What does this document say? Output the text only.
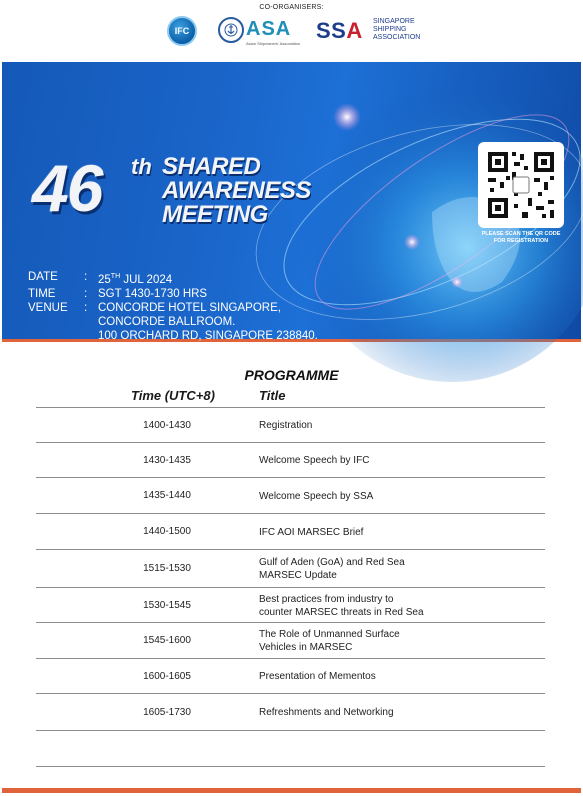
CO-ORGANISERS:
IFC	ASA
Asian Shipowners' Association
SSA SINGAPORE
SHIPPING
ASSOCIATION
46 th SHARED
AWARENESS
MEETING
DATE	: 25TH JUL 2024
TIME	: SGT 1430-1730 HRS
VENUE	: CONCORDE HOTEL SINGAPORE,
CONCORDE BALLROOM.
100 ORCHARD RD, SINGAPORE 238840.
(HYBRID EVENT)
PLEASE SCAN THE QR CODE
FOR REGISTRATION
PROGRAMME
Time (UTC+8)	Title
1400-1430	Registration
1430-1435	Welcome Speech by IFC
1435-1440	Welcome Speech by SSA
1440-1500	IFC AOI MARSEC Brief
1515-1530
Gulf of Aden (GoA) and Red Sea
MARSEC Update
1530-1545
Best practices from industry to
counter MARSEC threats in Red Sea
1545-1600
The Role of Unmanned Surface
Vehicles in MARSEC
1600-1605	Presentation of Mementos
1605-1730	Refreshments and Networking
